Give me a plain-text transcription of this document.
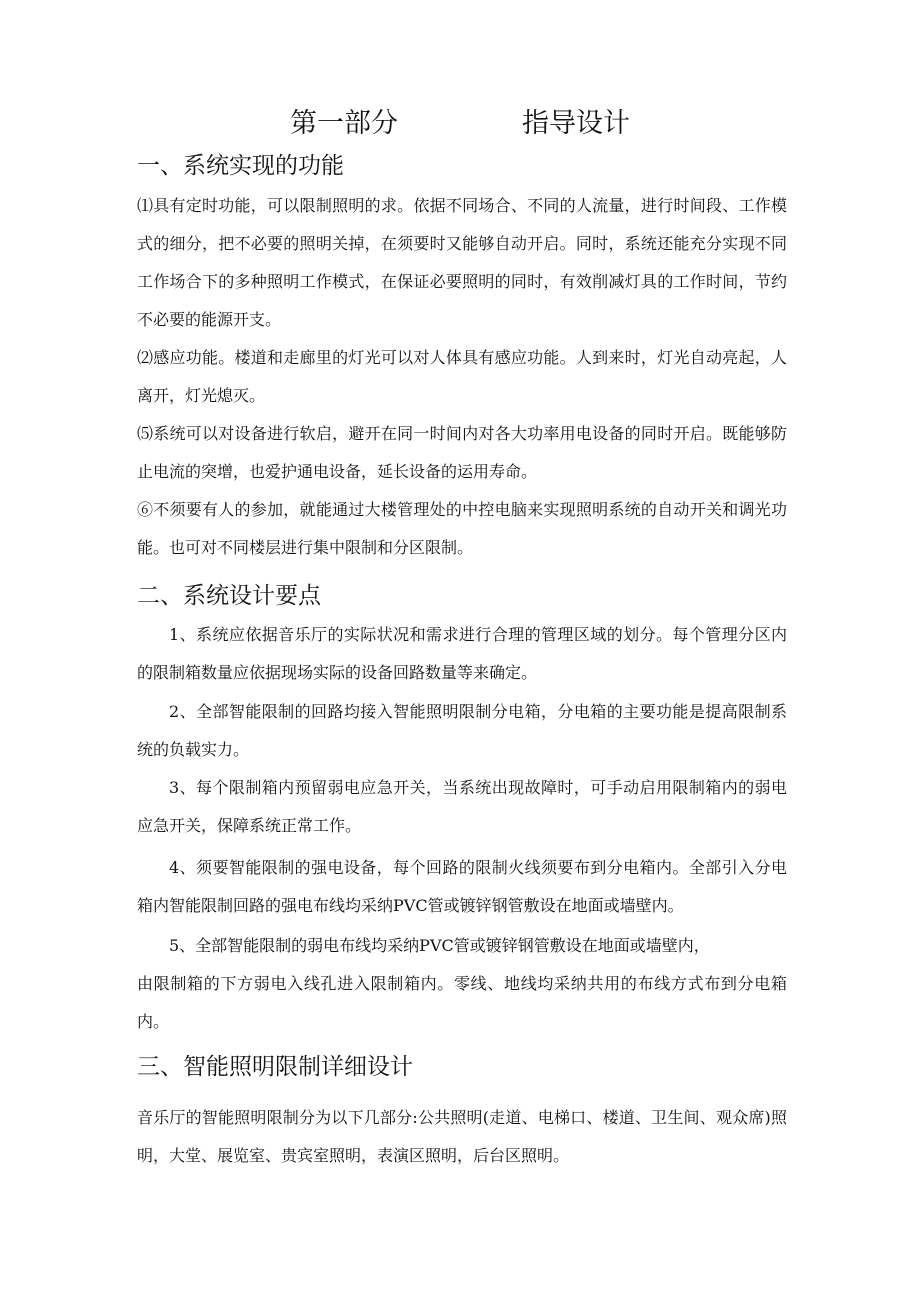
第一部分	指导设计
一、系统实现的功能
⑴具有定时功能，可以限制照明的求。依据不同场合、不同的人流量，进行时间段、工作模式的细分，把不必要的照明关掉，在须要时又能够自动开启。同时，系统还能充分实现不同工作场合下的多种照明工作模式，在保证必要照明的同时，有效削减灯具的工作时间，节约不必要的能源开支。
⑵感应功能。楼道和走廊里的灯光可以对人体具有感应功能。人到来时，灯光自动亮起，人离开，灯光熄灭。
⑸系统可以对设备进行软启，避开在同一时间内对各大功率用电设备的同时开启。既能够防止电流的突增，也爱护通电设备，延长设备的运用寿命。
⑥不须要有人的参加，就能通过大楼管理处的中控电脑来实现照明系统的自动开关和调光功能。也可对不同楼层进行集中限制和分区限制。
二、系统设计要点
1、系统应依据音乐厅的实际状况和需求进行合理的管理区域的划分。每个管理分区内的限制箱数量应依据现场实际的设备回路数量等来确定。
2、全部智能限制的回路均接入智能照明限制分电箱，分电箱的主要功能是提高限制系统的负载实力。
3、每个限制箱内预留弱电应急开关，当系统出现故障时，可手动启用限制箱内的弱电应急开关，保障系统正常工作。
4、须要智能限制的强电设备，每个回路的限制火线须要布到分电箱内。全部引入分电箱内智能限制回路的强电布线均采纳PVC管或镀锌钢管敷设在地面或墙壁内。
5、全部智能限制的弱电布线均采纳PVC管或镀锌钢管敷设在地面或墙壁内，
由限制箱的下方弱电入线孔进入限制箱内。零线、地线均采纳共用的布线方式布到分电箱内。
三、智能照明限制详细设计
音乐厅的智能照明限制分为以下几部分:公共照明(走道、电梯口、楼道、卫生间、观众席)照明，大堂、展览室、贵宾室照明，表演区照明，后台区照明。
